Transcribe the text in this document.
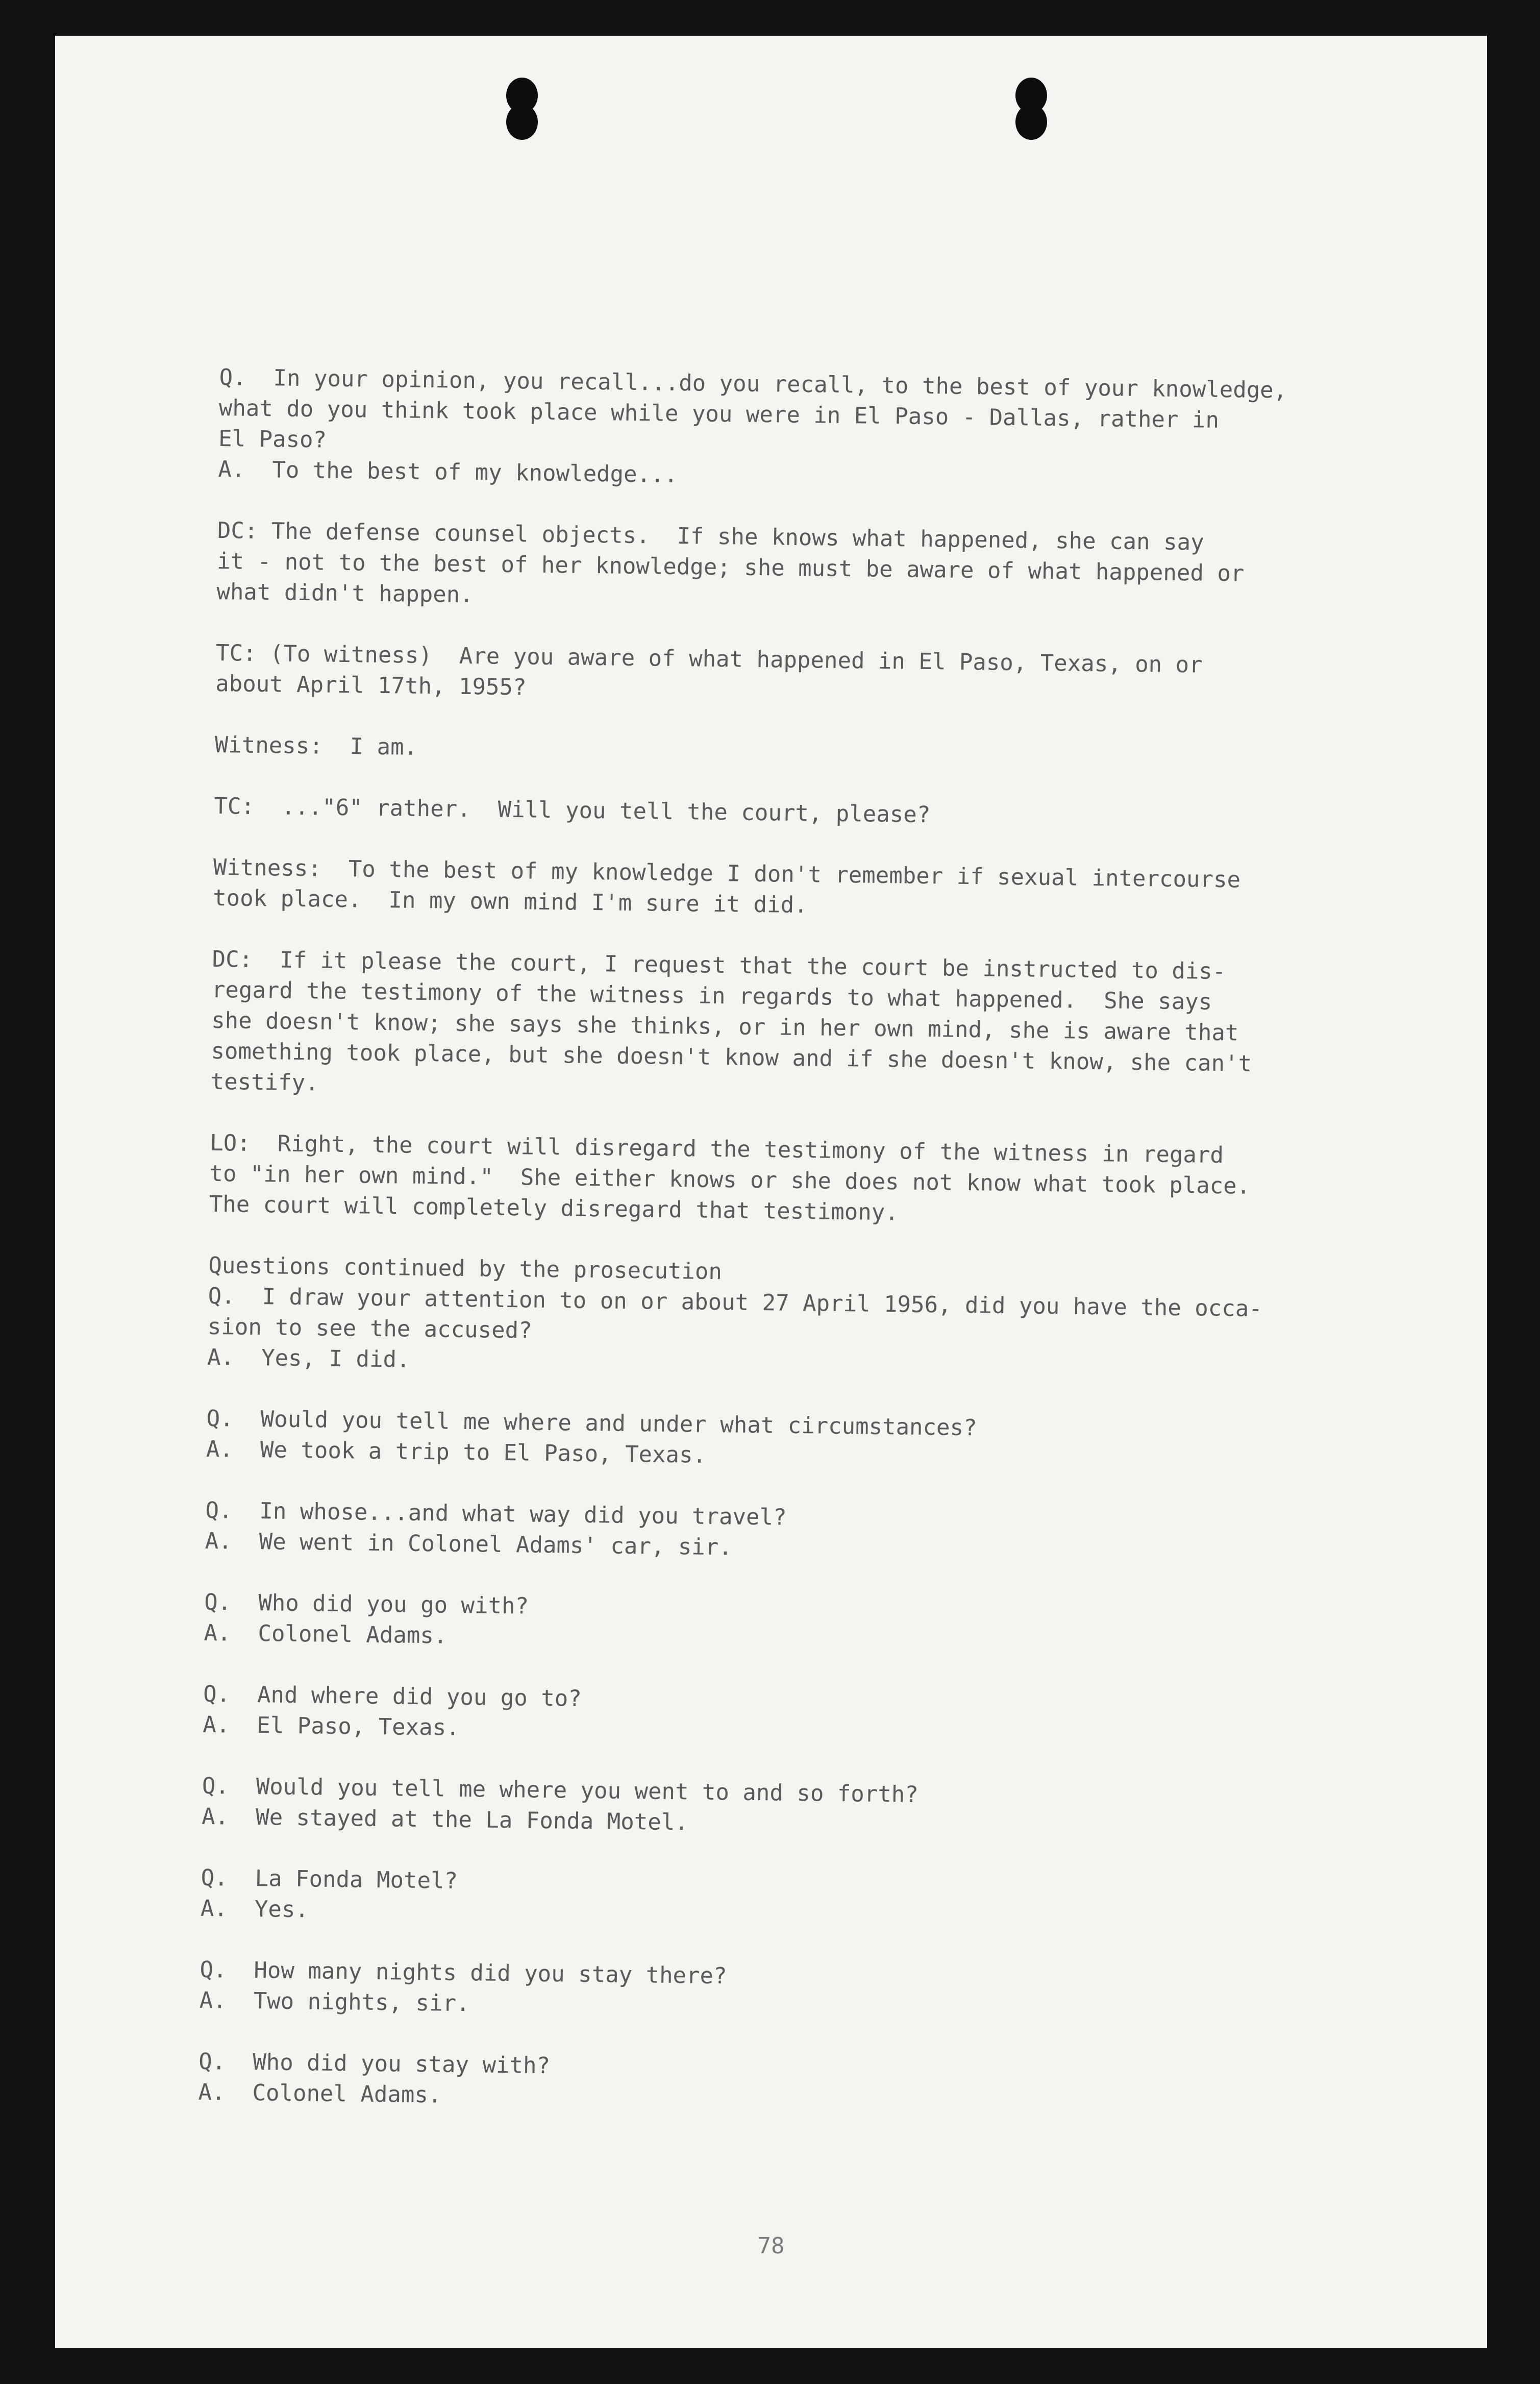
Q.  In your opinion, you recall...do you recall, to the best of your knowledge,
what do you think took place while you were in El Paso - Dallas, rather in
El Paso?
A.  To the best of my knowledge...
DC: The defense counsel objects.  If she knows what happened, she can say
it - not to the best of her knowledge; she must be aware of what happened or
what didn't happen.
TC: (To witness)  Are you aware of what happened in El Paso, Texas, on or
about April 17th, 1955?
Witness:  I am.
TC:  ..."6" rather.  Will you tell the court, please?
Witness:  To the best of my knowledge I don't remember if sexual intercourse
took place.  In my own mind I'm sure it did.
DC:  If it please the court, I request that the court be instructed to dis-
regard the testimony of the witness in regards to what happened.  She says
she doesn't know; she says she thinks, or in her own mind, she is aware that
something took place, but she doesn't know and if she doesn't know, she can't
testify.
LO:  Right, the court will disregard the testimony of the witness in regard
to "in her own mind."  She either knows or she does not know what took place.
The court will completely disregard that testimony.
Questions continued by the prosecution
Q.  I draw your attention to on or about 27 April 1956, did you have the occa-
sion to see the accused?
A.  Yes, I did.
Q.  Would you tell me where and under what circumstances?
A.  We took a trip to El Paso, Texas.
Q.  In whose...and what way did you travel?
A.  We went in Colonel Adams' car, sir.
Q.  Who did you go with?
A.  Colonel Adams.
Q.  And where did you go to?
A.  El Paso, Texas.
Q.  Would you tell me where you went to and so forth?
A.  We stayed at the La Fonda Motel.
Q.  La Fonda Motel?
A.  Yes.
Q.  How many nights did you stay there?
A.  Two nights, sir.
Q.  Who did you stay with?
A.  Colonel Adams.
78
